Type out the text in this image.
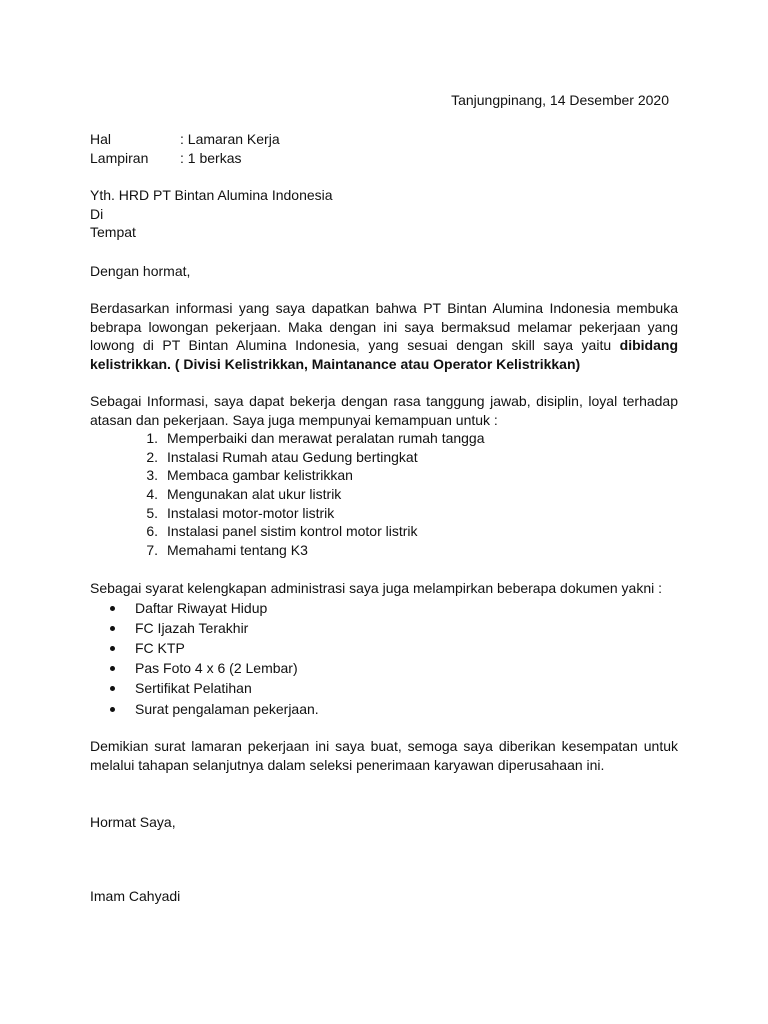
Tanjungpinang, 14 Desember 2020
Hal	: Lamaran Kerja
Lampiran	: 1 berkas
Yth. HRD PT Bintan Alumina Indonesia
Di
Tempat
Dengan hormat,
Berdasarkan informasi yang saya dapatkan bahwa PT Bintan Alumina Indonesia membuka bebrapa lowongan pekerjaan. Maka dengan ini saya bermaksud melamar pekerjaan yang lowong di PT Bintan Alumina Indonesia, yang sesuai dengan skill saya yaitu dibidang kelistrikkan. ( Divisi Kelistrikkan, Maintanance atau Operator Kelistrikkan)
Sebagai Informasi, saya dapat bekerja dengan rasa tanggung jawab, disiplin, loyal terhadap atasan dan pekerjaan. Saya juga mempunyai kemampuan untuk :
1. Memperbaiki dan merawat peralatan rumah tangga
2. Instalasi Rumah atau Gedung bertingkat
3. Membaca gambar kelistrikkan
4. Mengunakan alat ukur listrik
5. Instalasi motor-motor listrik
6. Instalasi panel sistim kontrol motor listrik
7. Memahami tentang K3
Sebagai syarat kelengkapan administrasi saya juga melampirkan beberapa dokumen yakni :
Daftar Riwayat Hidup
FC Ijazah Terakhir
FC KTP
Pas Foto 4 x 6 (2 Lembar)
Sertifikat Pelatihan
Surat pengalaman pekerjaan.
Demikian surat lamaran pekerjaan ini saya buat, semoga saya diberikan kesempatan untuk melalui tahapan selanjutnya dalam seleksi penerimaan karyawan diperusahaan ini.
Hormat Saya,
Imam Cahyadi
